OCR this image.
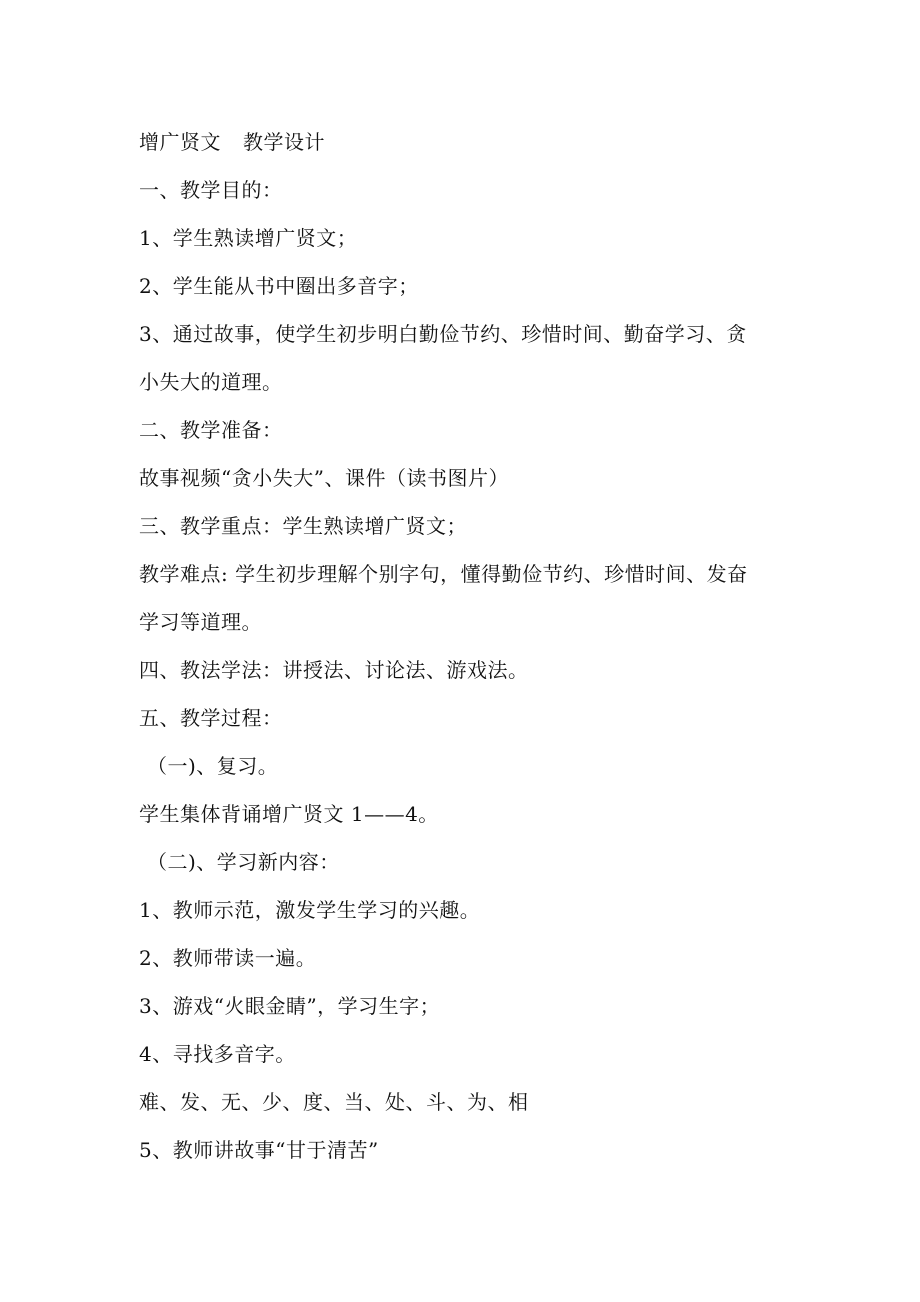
增广贤文 教学设计
一、教学目的：
1、学生熟读增广贤文；
2、学生能从书中圈出多音字；
3、通过故事，使学生初步明白勤俭节约、珍惜时间、勤奋学习、贪
小失大的道理。
二、教学准备：
故事视频“贪小失大”、课件（读书图片）
三、教学重点：学生熟读增广贤文；
教学难点: 学生初步理解个别字句，懂得勤俭节约、珍惜时间、发奋
学习等道理。
四、教法学法：讲授法、讨论法、游戏法。
五、教学过程：
（一)、复习。
学生集体背诵增广贤文 1——4。
（二)、学习新内容：
1、教师示范，激发学生学习的兴趣。
2、教师带读一遍。
3、游戏“火眼金睛”，学习生字；
4、寻找多音字。
难、发、无、少、度、当、处、斗、为、相
5、教师讲故事“甘于清苦”
